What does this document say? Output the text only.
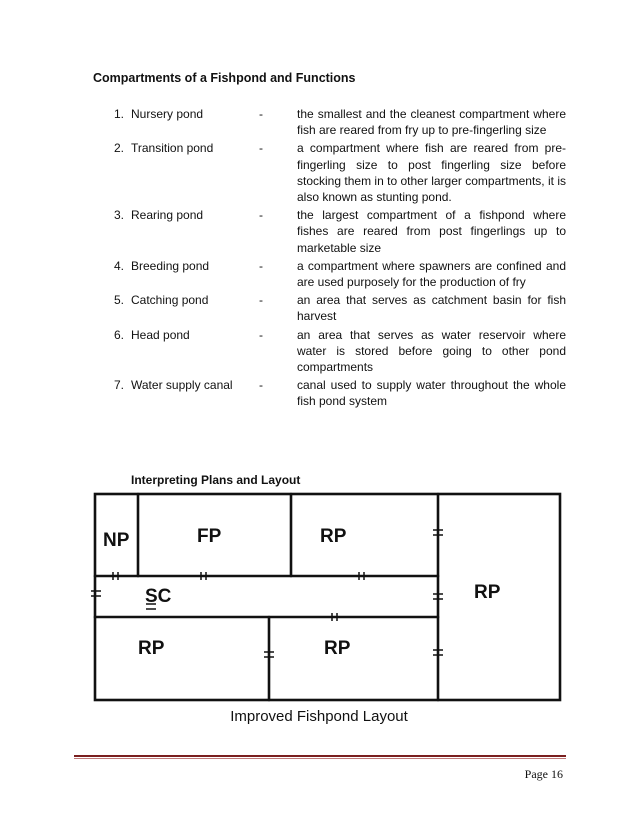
Compartments of a Fishpond and Functions
1. Nursery pond	-	the smallest and the cleanest compartment where fish are reared from fry up to pre-fingerling size
2. Transition pond	-	a compartment where fish are reared from pre-fingerling size to post fingerling size before stocking them in to other larger compartments, it is also known as stunting pond.
3. Rearing pond	-	the largest compartment of a fishpond where fishes are reared from post fingerlings up to marketable size
4. Breeding pond	-	a compartment where spawners are confined and are used purposely for the production of fry
5. Catching pond	-	an area that serves as catchment basin for fish harvest
6. Head pond	-	an area that serves as water reservoir where water is stored before going to other pond compartments
7. Water supply canal	-	canal used to supply water throughout the whole fish pond system
Interpreting Plans and Layout
NP	FP	RP
SC	RP
RP	RP
Improved Fishpond Layout
Page 16
